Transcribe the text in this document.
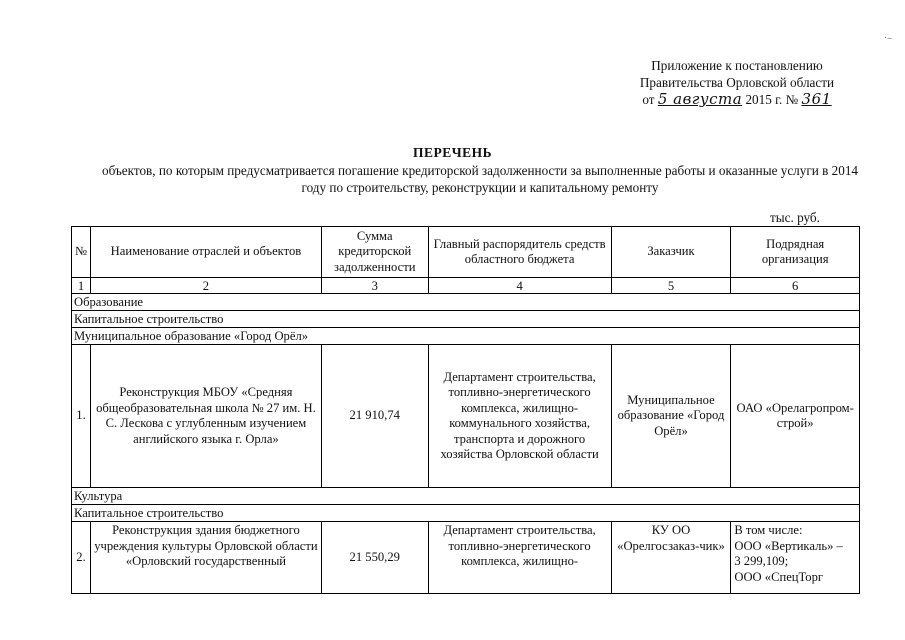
·–
Приложение к постановлению
Правительства Орловской области
от 5 августа 2015 г. № 361
ПЕРЕЧЕНЬ
объектов, по которым предусматривается погашение кредиторской задолженности за выполненные работы и оказанные услуги в 2014 году по строительству, реконструкции и капитальному ремонту
тыс. руб.
№	Наименование отраслей и объектов	Сумма кредиторской задолженности	Главный распорядитель средств областного бюджета	Заказчик	Подрядная организация
1	2	3	4	5	6
Образование					
Капитальное строительство					
Муниципальное образование «Город Орёл»					
1.	Реконструкция МБОУ «Средняя общеобразовательная школа № 27 им. Н. С. Лескова с углубленным изучением английского языка г. Орла»	21 910,74	Департамент строительства, топливно-энергетического комплекса, жилищно-коммунального хозяйства, транспорта и дорожного хозяйства Орловской области	Муниципальное образование «Город Орёл»	ОАО «Орелагропром-строй»
Культура					
Капитальное строительство					
2.	Реконструкция здания бюджетного учреждения культуры Орловской области «Орловский государственный	21 550,29	Департамент строительства, топливно-энергетического комплекса, жилищно-	КУ ОО «Орелгосзаказ-чик»	В том числе:
ООО «Вертикаль» –
3 299,109;
ООО «СпецТорг
